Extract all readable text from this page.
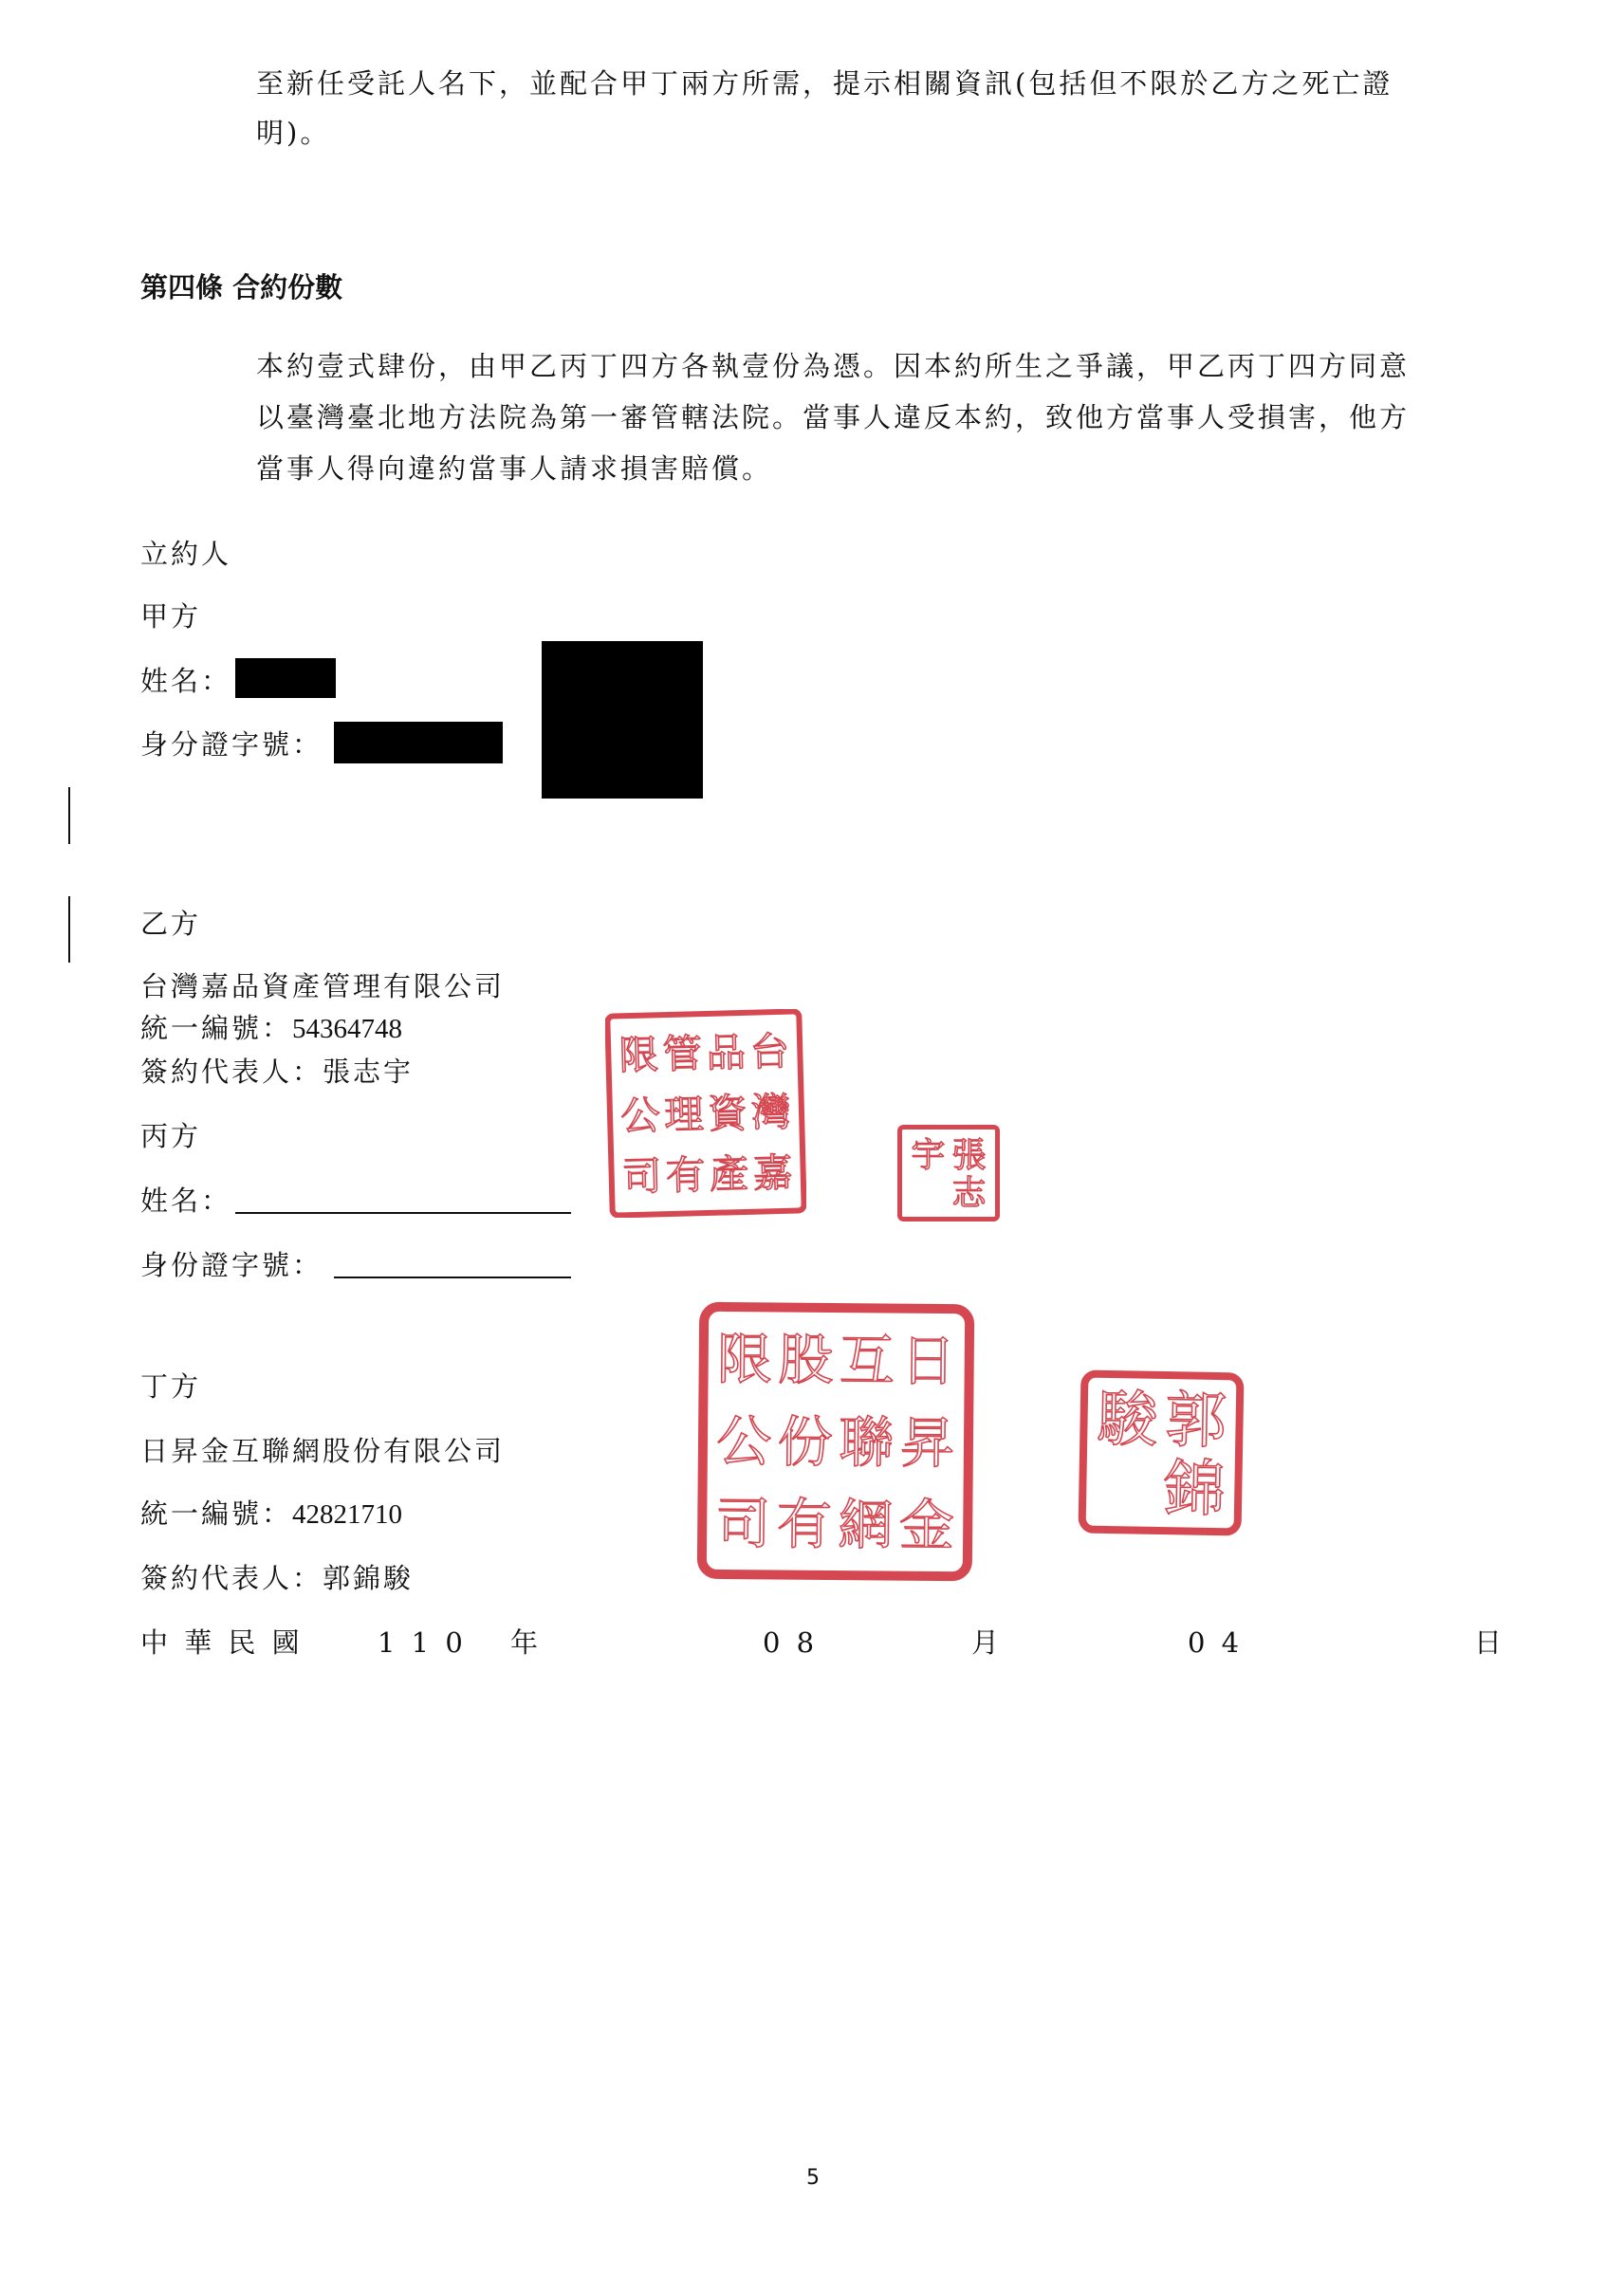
至新任受託人名下，並配合甲丁兩方所需，提示相關資訊(包括但不限於乙方之死亡證
明)。
第四條 合約份數
本約壹式肆份，由甲乙丙丁四方各執壹份為憑。因本約所生之爭議，甲乙丙丁四方同意
以臺灣臺北地方法院為第一審管轄法院。當事人違反本約，致他方當事人受損害，他方
當事人得向違約當事人請求損害賠償。
立約人
甲方
姓名：
身分證字號：
乙方
台灣嘉品資產管理有限公司
統一編號：54364748
簽約代表人：張志宇
丙方
姓名：
身份證字號：
丁方
日昇金互聯網股份有限公司
統一編號：42821710
簽約代表人：郭錦駿
中 華 民 國	1 1 0 年	0 8	月	0 4	日
台
灣
嘉
品
資
產
管
理
有
限
公
司	張
志
宇
日
昇
金
互
聯
網
股
份
有
限
公
司
郭
錦
駿
5
